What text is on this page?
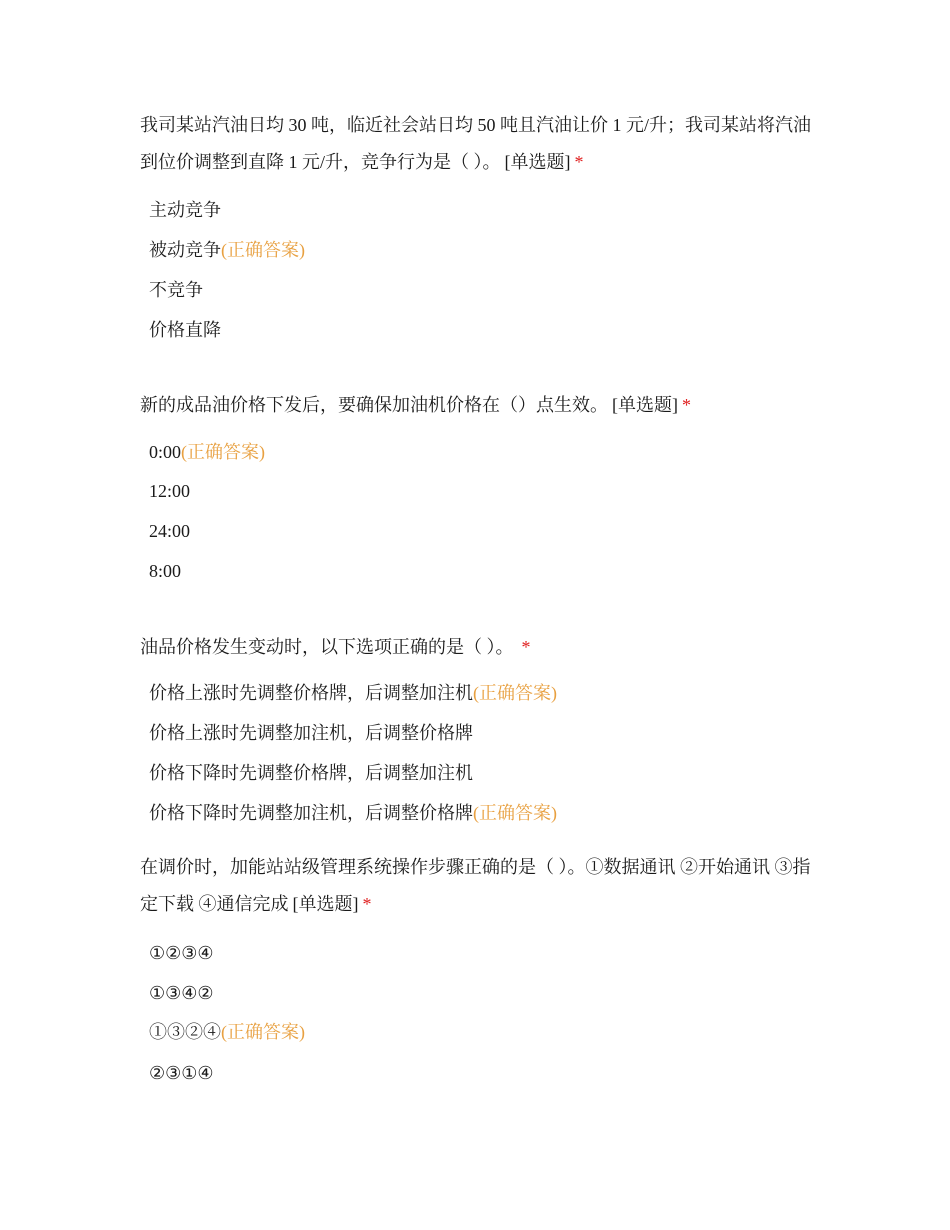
我司某站汽油日均 30 吨，临近社会站日均 50 吨且汽油让价 1 元/升；我司某站将汽油到位价调整到直降 1 元/升，竞争行为是（ ）。 [单选题] *

主动竞争
被动竞争(正确答案)
不竞争
价格直降

新的成品油价格下发后，要确保加油机价格在（）点生效。 [单选题] *

0:00(正确答案)
12:00
24:00
8:00

油品价格发生变动时，以下选项正确的是（ ）。 *

价格上涨时先调整价格牌，后调整加注机(正确答案)
价格上涨时先调整加注机，后调整价格牌
价格下降时先调整价格牌，后调整加注机
价格下降时先调整加注机，后调整价格牌(正确答案)

在调价时，加能站站级管理系统操作步骤正确的是（ ）。①数据通讯 ②开始通讯 ③指定下载 ④通信完成 [单选题] *

①②③④
①③④②
①③②④(正确答案)
②③①④
